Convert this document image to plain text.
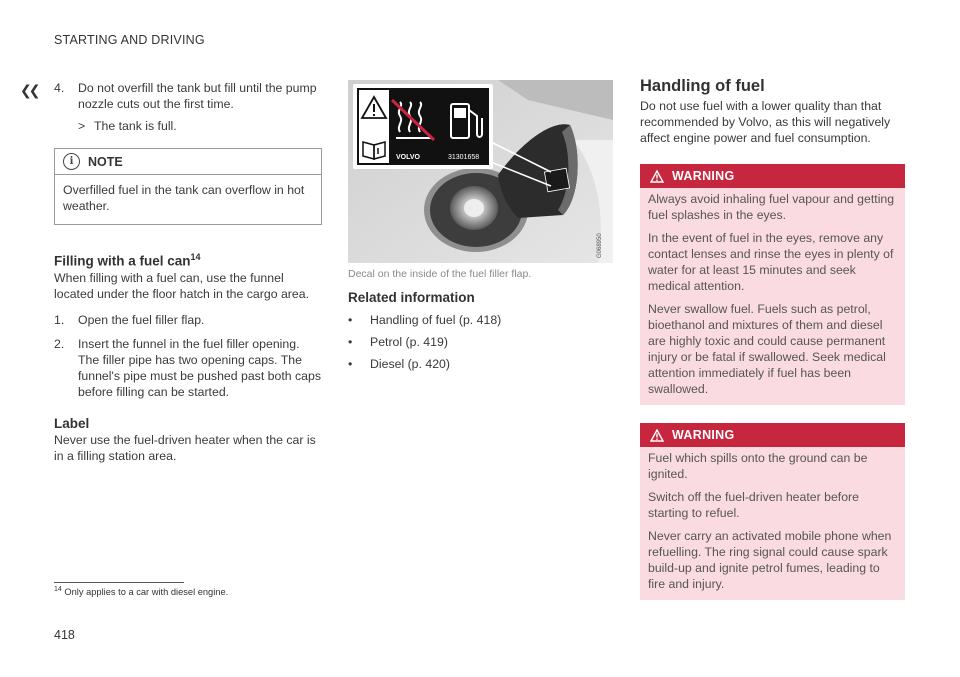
STARTING AND DRIVING
❮❮ 4.	Do not overfill the tank but fill until the pump nozzle cuts out the first time.
> The tank is full.
i	NOTE
Overfilled fuel in the tank can overflow in hot weather.

Filling with a fuel can$^{14}$

When filling with a fuel can, use the funnel located under the floor hatch in the cargo area.

1.	Open the fuel filler flap.
2.	Insert the funnel in the fuel filler opening. The filler pipe has two opening caps. The funnel's pipe must be pushed past both caps before filling can be started.

Label

Never use the fuel-driven heater when the car is in a filling station area.

VOLVO	31301658
G068950
Decal on the inside of the fuel filler flap.

Related information

•	Handling of fuel (p. 418)
•	Petrol (p. 419)
•	Diesel (p. 420)

Handling of fuel

Do not use fuel with a lower quality than that recommended by Volvo, as this will negatively affect engine power and fuel consumption.

WARNING

Always avoid inhaling fuel vapour and getting fuel splashes in the eyes.

In the event of fuel in the eyes, remove any contact lenses and rinse the eyes in plenty of water for at least 15 minutes and seek medical attention.

Never swallow fuel. Fuels such as petrol, bioethanol and mixtures of them and diesel are highly toxic and could cause permanent injury or be fatal if swallowed. Seek medical attention immediately if fuel has been swallowed.

WARNING

Fuel which spills onto the ground can be ignited.

Switch off the fuel-driven heater before starting to refuel.

Never carry an activated mobile phone when refuelling. The ring signal could cause spark build-up and ignite petrol fumes, leading to fire and injury.

$^{14}$ Only applies to a car with diesel engine.
418
